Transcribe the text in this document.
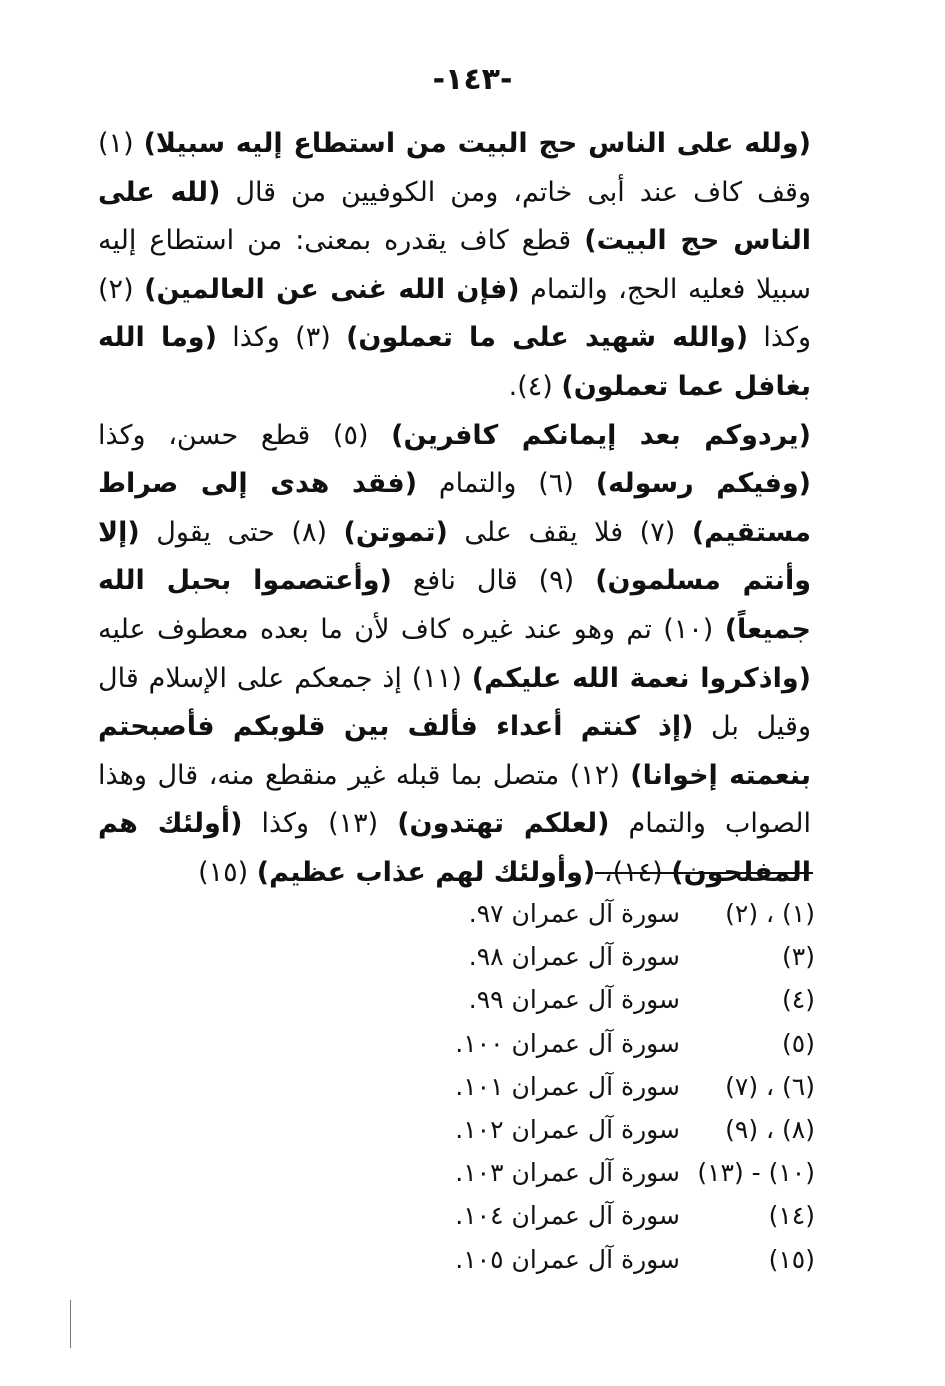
-١٤٣-

(ولله على الناس حج البيت من استطاع إليه سبيلا) (١) وقف كاف عند أبى خاتم، ومن الكوفيين من قال (لله على الناس حج البيت) قطع كاف يقدره بمعنى: من استطاع إليه سبيلا فعليه الحج، والتمام (فإن الله غنى عن العالمين) (٢) وكذا (والله شهيد على ما تعملون) (٣) وكذا (وما الله بغافل عما تعملون) (٤).

(يردوكم بعد إيمانكم كافرين) (٥) قطع حسن، وكذا (وفيكم رسوله) (٦) والتمام (فقد هدى إلى صراط مستقيم) (٧) فلا يقف على (تموتن) (٨) حتى يقول (إلا وأنتم مسلمون) (٩) قال نافع (وأعتصموا بحبل الله جميعاً) (١٠) تم وهو عند غيره كاف لأن ما بعده معطوف عليه (واذكروا نعمة الله عليكم) (١١) إذ جمعكم على الإسلام قال وقيل بل (إذ كنتم أعداء فألف بين قلوبكم فأصبحتم بنعمته إخوانا) (١٢) متصل بما قبله غير منقطع منه، قال وهذا الصواب والتمام (لعلكم تهتدون) (١٣) وكذا (أولئك هم المفلحون) (١٤)، (وأولئك لهم عذاب عظيم) (١٥)

(١) ، (٢)
سورة آل عمران ٩٧.
(٣)
سورة آل عمران ٩٨.
(٤)
سورة آل عمران ٩٩.
(٥)
سورة آل عمران ١٠٠.
(٦) ، (٧)
سورة آل عمران ١٠١.
(٨) ، (٩)
سورة آل عمران ١٠٢.
(١٠) - (١٣)
سورة آل عمران ١٠٣.
(١٤)
سورة آل عمران ١٠٤.
(١٥)
سورة آل عمران ١٠٥.
